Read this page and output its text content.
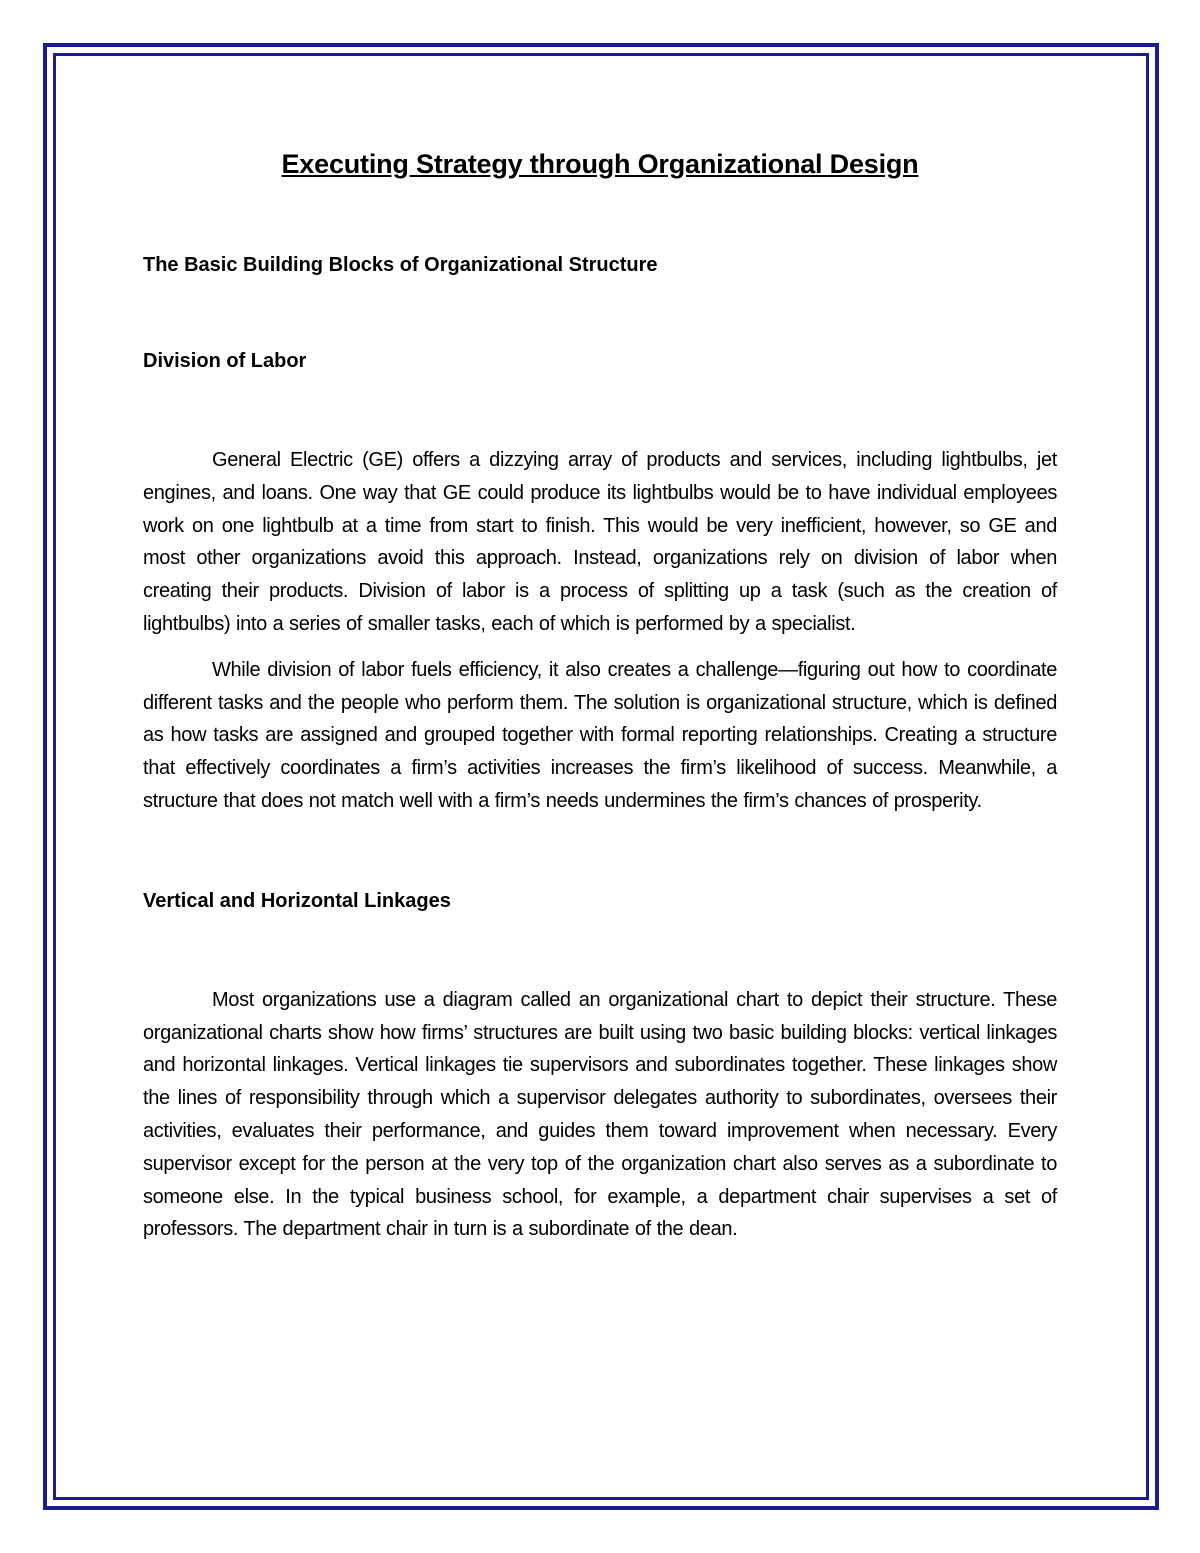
Executing Strategy through Organizational Design
The Basic Building Blocks of Organizational Structure
Division of Labor

General Electric (GE) offers a dizzying array of products and services, including lightbulbs, jet engines, and loans. One way that GE could produce its lightbulbs would be to have individual employees work on one lightbulb at a time from start to finish. This would be very inefficient, however, so GE and most other organizations avoid this approach. Instead, organizations rely on division of labor when creating their products. Division of labor is a process of splitting up a task (such as the creation of lightbulbs) into a series of smaller tasks, each of which is performed by a specialist.

While division of labor fuels efficiency, it also creates a challenge—figuring out how to coordinate different tasks and the people who perform them. The solution is organizational structure, which is defined as how tasks are assigned and grouped together with formal reporting relationships. Creating a structure that effectively coordinates a firm’s activities increases the firm’s likelihood of success. Meanwhile, a structure that does not match well with a firm’s needs undermines the firm’s chances of prosperity.

Vertical and Horizontal Linkages

Most organizations use a diagram called an organizational chart to depict their structure. These organizational charts show how firms’ structures are built using two basic building blocks: vertical linkages and horizontal linkages. Vertical linkages tie supervisors and subordinates together. These linkages show the lines of responsibility through which a supervisor delegates authority to subordinates, oversees their activities, evaluates their performance, and guides them toward improvement when necessary. Every supervisor except for the person at the very top of the organization chart also serves as a subordinate to someone else. In the typical business school, for example, a department chair supervises a set of professors. The department chair in turn is a subordinate of the dean.
